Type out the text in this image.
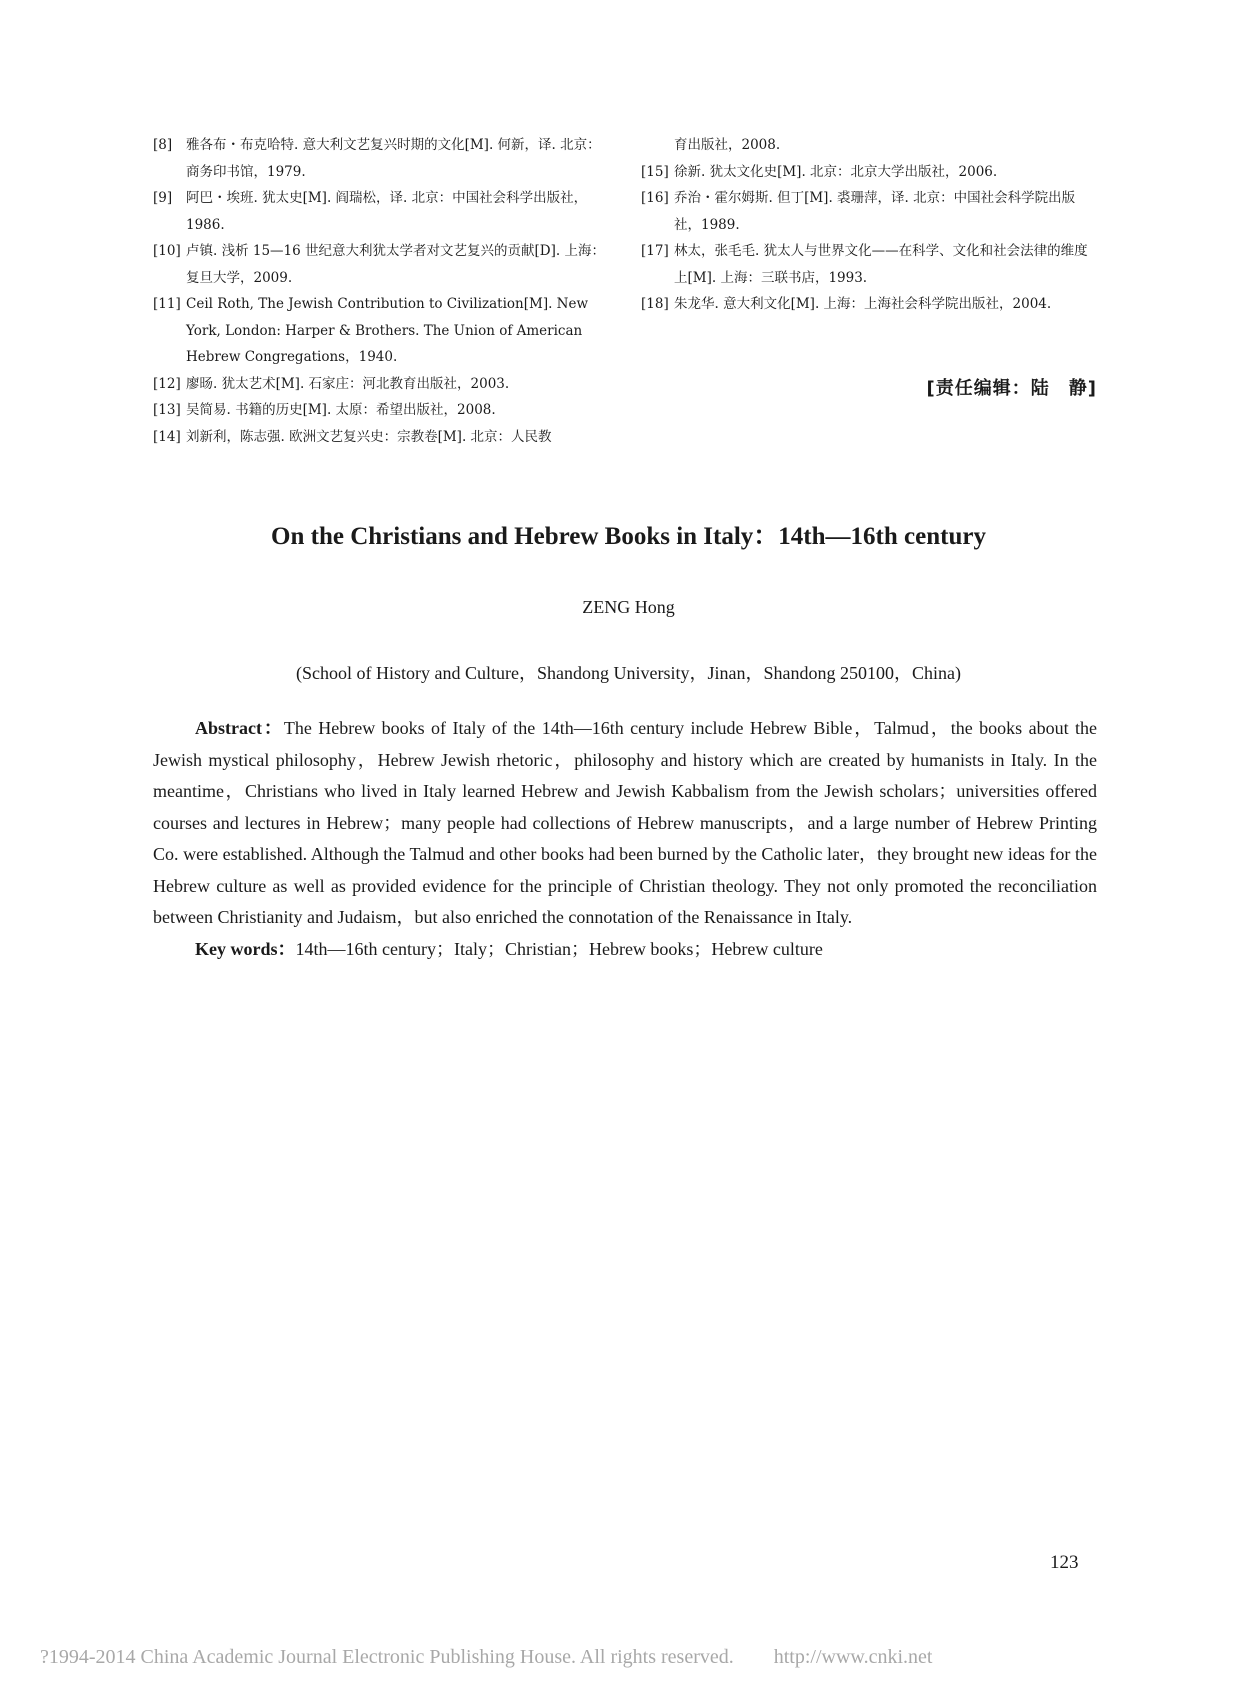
[8] 雅各布・布克哈特. 意大利文艺复兴时期的文化[M]. 何新，译. 北京：商务印书馆，1979.

[9] 阿巴・埃班. 犹太史[M]. 阎瑞松，译. 北京：中国社会科学出版社，1986.

[10] 卢镇. 浅析 15—16 世纪意大利犹太学者对文艺复兴的贡献[D]. 上海：复旦大学，2009.

[11] Ceil Roth, The Jewish Contribution to Civilization[M]. New York, London: Harper & Brothers. The Union of American Hebrew Congregations，1940.

[12] 廖旸. 犹太艺术[M]. 石家庄：河北教育出版社，2003.

[13] 吴简易. 书籍的历史[M]. 太原：希望出版社，2008.

[14] 刘新利，陈志强. 欧洲文艺复兴史：宗教卷[M]. 北京：人民教

育出版社，2008.

[15] 徐新. 犹太文化史[M]. 北京：北京大学出版社，2006.

[16] 乔治・霍尔姆斯. 但丁[M]. 裘珊萍，译. 北京：中国社会科学院出版社，1989.

[17] 林太，张毛毛. 犹太人与世界文化——在科学、文化和社会法律的维度上[M]. 上海：三联书店，1993.

[18] 朱龙华. 意大利文化[M]. 上海：上海社会科学院出版社，2004.

[责任编辑：陆　静]
On the Christians and Hebrew Books in Italy：14th—16th century
ZENG Hong
(School of History and Culture，Shandong University，Jinan，Shandong 250100，China)

Abstract：The Hebrew books of Italy of the 14th—16th century include Hebrew Bible，Talmud，the books about the Jewish mystical philosophy，Hebrew Jewish rhetoric，philosophy and history which are created by humanists in Italy. In the meantime，Christians who lived in Italy learned Hebrew and Jewish Kabbalism from the Jewish scholars；universities offered courses and lectures in Hebrew；many people had collections of Hebrew manuscripts，and a large number of Hebrew Printing Co. were established. Although the Talmud and other books had been burned by the Catholic later，they brought new ideas for the Hebrew culture as well as provided evidence for the principle of Christian theology. They not only promoted the reconciliation between Christianity and Judaism，but also enriched the connotation of the Renaissance in Italy.

Key words：14th—16th century；Italy；Christian；Hebrew books；Hebrew culture

123
?1994-2014 China Academic Journal Electronic Publishing House. All rights reserved.　　http://www.cnki.net
